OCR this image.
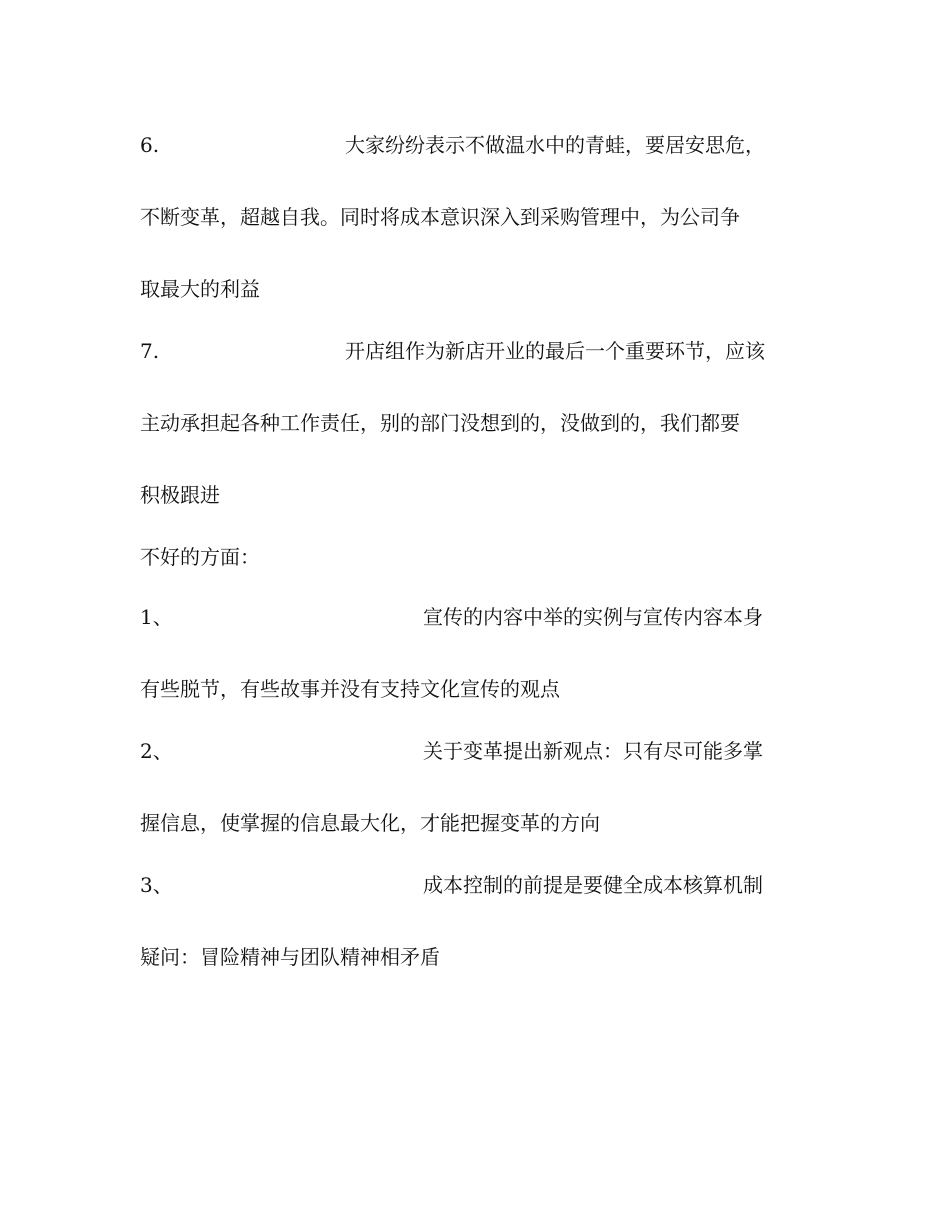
6.	大家纷纷表示不做温水中的青蛙，要居安思危，
不断变革，超越自我。同时将成本意识深入到采购管理中，为公司争
取最大的利益
7.	开店组作为新店开业的最后一个重要环节，应该
主动承担起各种工作责任，别的部门没想到的，没做到的，我们都要
积极跟进
不好的方面：
1、	宣传的内容中举的实例与宣传内容本身
有些脱节，有些故事并没有支持文化宣传的观点
2、	关于变革提出新观点：只有尽可能多掌
握信息，使掌握的信息最大化，才能把握变革的方向
3、	成本控制的前提是要健全成本核算机制
疑问：冒险精神与团队精神相矛盾
